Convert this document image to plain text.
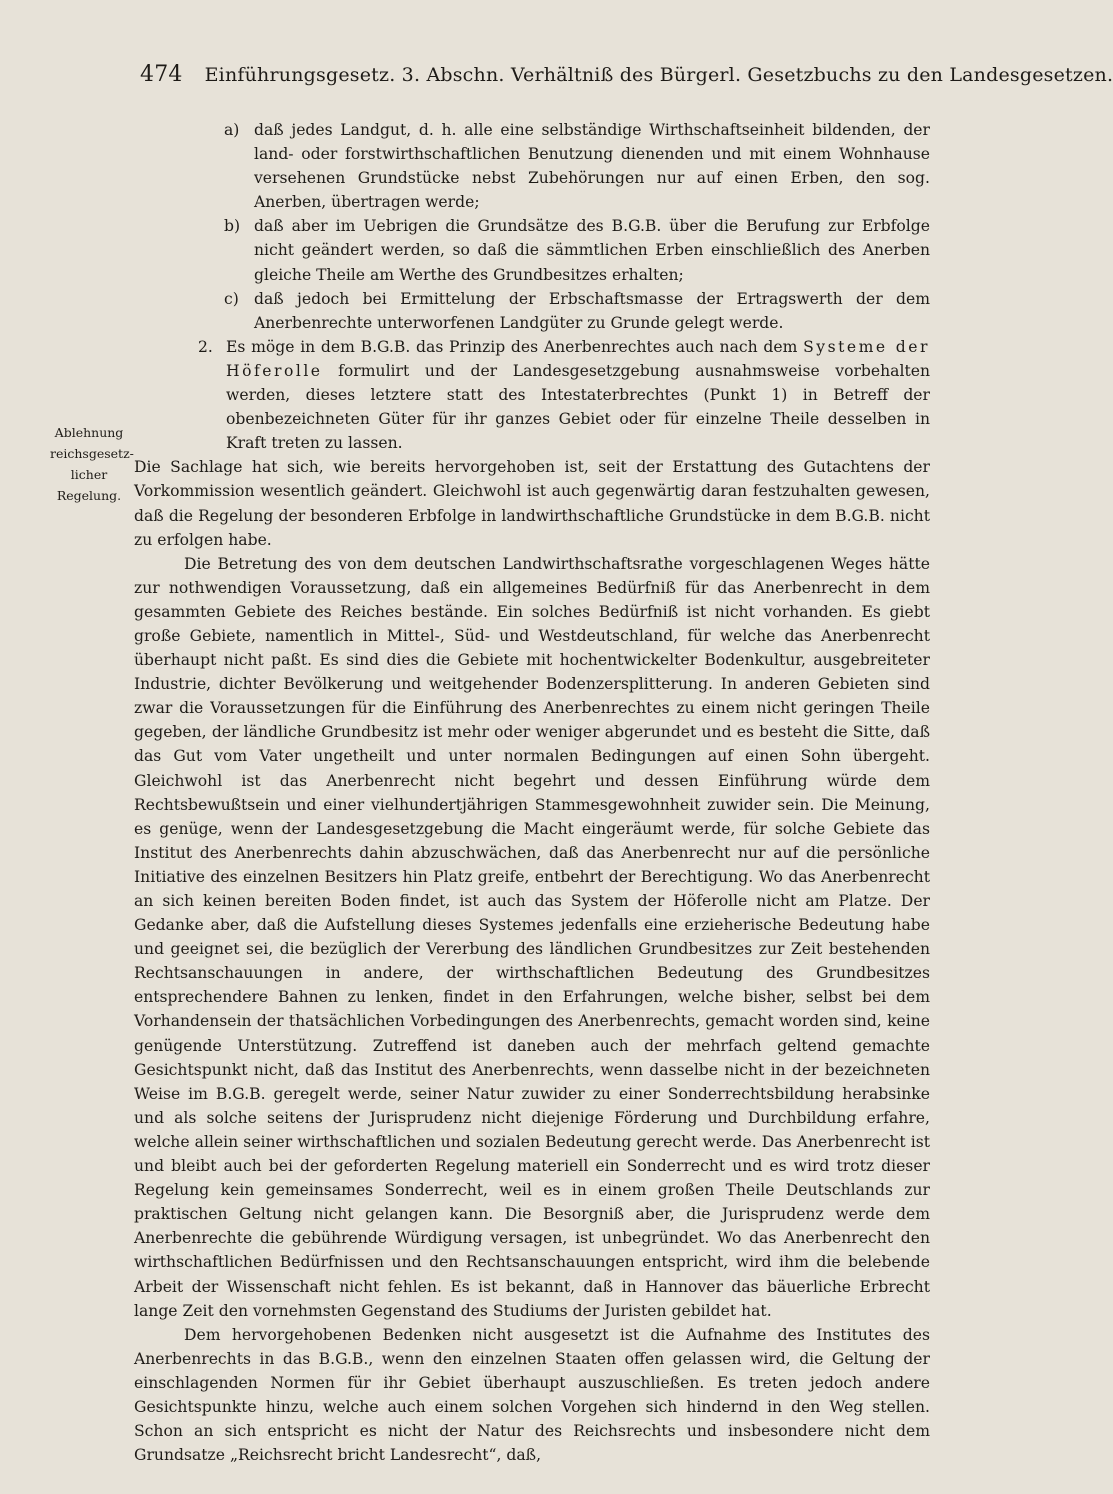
474 Einführungsgesetz. 3. Abschn. Verhältniß des Bürgerl. Gesetzbuchs zu den Landesgesetzen.
Ablehnung
reichsgesetz-
licher
Regelung.

a) daß jedes Landgut, d. h. alle eine selbständige Wirthschaftseinheit bildenden, der land- oder forstwirthschaftlichen Benutzung dienenden und mit einem Wohnhause versehenen Grundstücke nebst Zubehörungen nur auf einen Erben, den sog. Anerben, übertragen werde;

b) daß aber im Uebrigen die Grundsätze des B.G.B. über die Berufung zur Erbfolge nicht geändert werden, so daß die sämmtlichen Erben einschließlich des Anerben gleiche Theile am Werthe des Grundbesitzes erhalten;

c) daß jedoch bei Ermittelung der Erbschaftsmasse der Ertragswerth der dem Anerbenrechte unterworfenen Landgüter zu Grunde gelegt werde.

2. Es möge in dem B.G.B. das Prinzip des Anerbenrechtes auch nach dem Systeme der Höferolle formulirt und der Landesgesetzgebung ausnahmsweise vorbehalten werden, dieses letztere statt des Intestaterbrechtes (Punkt 1) in Betreff der obenbezeichneten Güter für ihr ganzes Gebiet oder für einzelne Theile desselben in Kraft treten zu lassen.

Die Sachlage hat sich, wie bereits hervorgehoben ist, seit der Erstattung des Gutachtens der Vorkommission wesentlich geändert. Gleichwohl ist auch gegenwärtig daran festzuhalten gewesen, daß die Regelung der besonderen Erbfolge in landwirthschaftliche Grundstücke in dem B.G.B. nicht zu erfolgen habe.

Die Betretung des von dem deutschen Landwirthschaftsrathe vorgeschlagenen Weges hätte zur nothwendigen Voraussetzung, daß ein allgemeines Bedürfniß für das Anerbenrecht in dem gesammten Gebiete des Reiches bestände. Ein solches Bedürfniß ist nicht vorhanden. Es giebt große Gebiete, namentlich in Mittel-, Süd- und Westdeutschland, für welche das Anerbenrecht überhaupt nicht paßt. Es sind dies die Gebiete mit hochentwickelter Bodenkultur, ausgebreiteter Industrie, dichter Bevölkerung und weitgehender Bodenzersplitterung. In anderen Gebieten sind zwar die Voraussetzungen für die Einführung des Anerbenrechtes zu einem nicht geringen Theile gegeben, der ländliche Grundbesitz ist mehr oder weniger abgerundet und es besteht die Sitte, daß das Gut vom Vater ungetheilt und unter normalen Bedingungen auf einen Sohn übergeht. Gleichwohl ist das Anerbenrecht nicht begehrt und dessen Einführung würde dem Rechtsbewußtsein und einer vielhundertjährigen Stammesgewohnheit zuwider sein. Die Meinung, es genüge, wenn der Landesgesetzgebung die Macht eingeräumt werde, für solche Gebiete das Institut des Anerbenrechts dahin abzuschwächen, daß das Anerbenrecht nur auf die persönliche Initiative des einzelnen Besitzers hin Platz greife, entbehrt der Berechtigung. Wo das Anerbenrecht an sich keinen bereiten Boden findet, ist auch das System der Höferolle nicht am Platze. Der Gedanke aber, daß die Aufstellung dieses Systemes jedenfalls eine erzieherische Bedeutung habe und geeignet sei, die bezüglich der Vererbung des ländlichen Grundbesitzes zur Zeit bestehenden Rechtsanschauungen in andere, der wirthschaftlichen Bedeutung des Grundbesitzes entsprechendere Bahnen zu lenken, findet in den Erfahrungen, welche bisher, selbst bei dem Vorhandensein der thatsächlichen Vorbedingungen des Anerbenrechts, gemacht worden sind, keine genügende Unterstützung. Zutreffend ist daneben auch der mehrfach geltend gemachte Gesichtspunkt nicht, daß das Institut des Anerbenrechts, wenn dasselbe nicht in der bezeichneten Weise im B.G.B. geregelt werde, seiner Natur zuwider zu einer Sonderrechtsbildung herabsinke und als solche seitens der Jurisprudenz nicht diejenige Förderung und Durchbildung erfahre, welche allein seiner wirthschaftlichen und sozialen Bedeutung gerecht werde. Das Anerbenrecht ist und bleibt auch bei der geforderten Regelung materiell ein Sonderrecht und es wird trotz dieser Regelung kein gemeinsames Sonderrecht, weil es in einem großen Theile Deutschlands zur praktischen Geltung nicht gelangen kann. Die Besorgniß aber, die Jurisprudenz werde dem Anerbenrechte die gebührende Würdigung versagen, ist unbegründet. Wo das Anerbenrecht den wirthschaftlichen Bedürfnissen und den Rechtsanschauungen entspricht, wird ihm die belebende Arbeit der Wissenschaft nicht fehlen. Es ist bekannt, daß in Hannover das bäuerliche Erbrecht lange Zeit den vornehmsten Gegenstand des Studiums der Juristen gebildet hat.

Dem hervorgehobenen Bedenken nicht ausgesetzt ist die Aufnahme des Institutes des Anerbenrechts in das B.G.B., wenn den einzelnen Staaten offen gelassen wird, die Geltung der einschlagenden Normen für ihr Gebiet überhaupt auszuschließen. Es treten jedoch andere Gesichtspunkte hinzu, welche auch einem solchen Vorgehen sich hindernd in den Weg stellen. Schon an sich entspricht es nicht der Natur des Reichsrechts und insbesondere nicht dem Grundsatze „Reichsrecht bricht Landesrecht“, daß,
